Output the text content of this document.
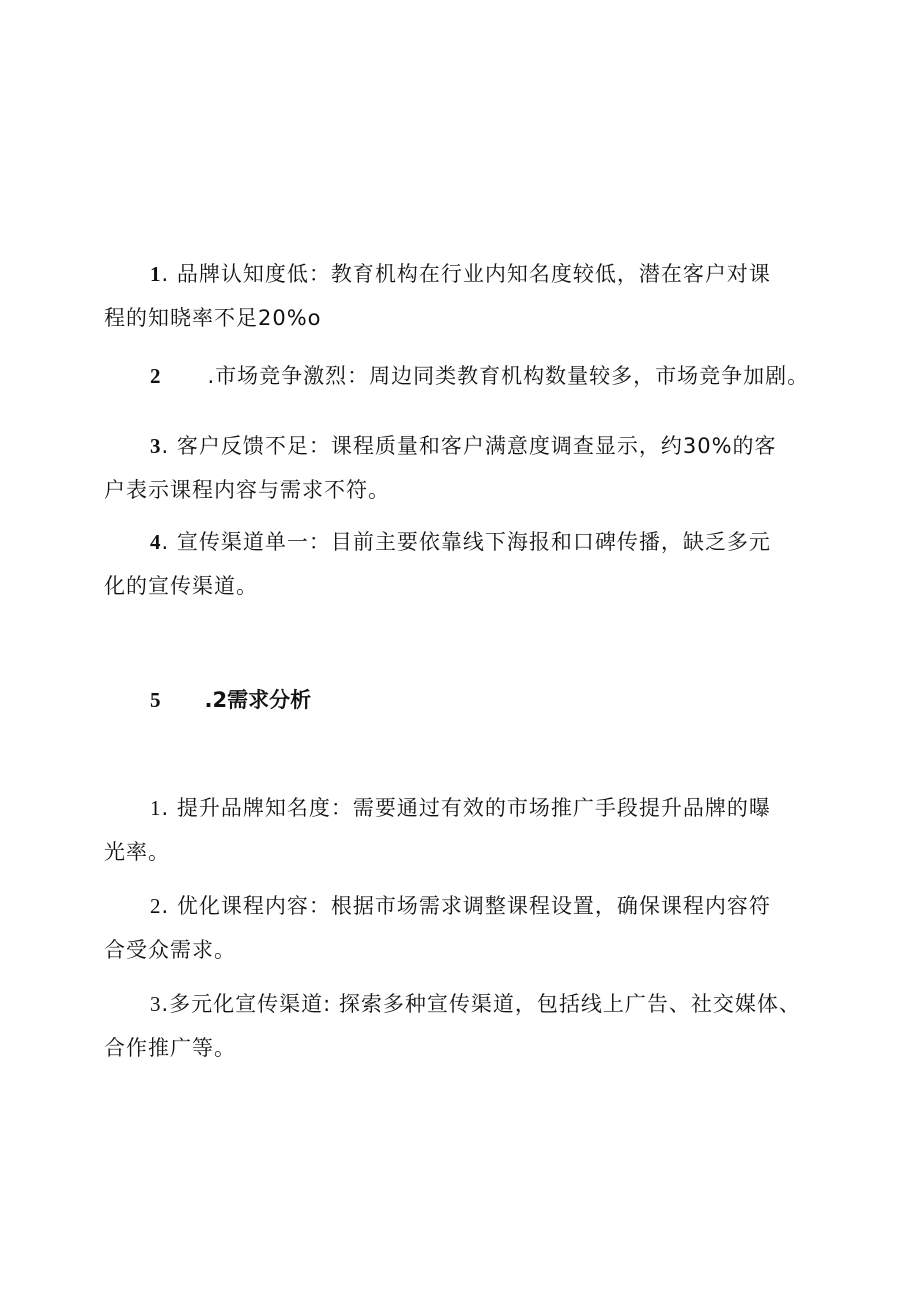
1. 品牌认知度低：教育机构在行业内知名度较低，潜在客户对课
程的知晓率不足20%o

2 .市场竞争激烈：周边同类教育机构数量较多，市场竞争加剧。

3. 客户反馈不足：课程质量和客户满意度调查显示，约30%的客
户表示课程内容与需求不符。

4. 宣传渠道单一：目前主要依靠线下海报和口碑传播，缺乏多元
化的宣传渠道。

5 .2需求分析

1. 提升品牌知名度：需要通过有效的市场推广手段提升品牌的曝
光率。

2. 优化课程内容：根据市场需求调整课程设置，确保课程内容符
合受众需求。

3.多元化宣传渠道: 探索多种宣传渠道，包括线上广告、社交媒体、
合作推广等。
